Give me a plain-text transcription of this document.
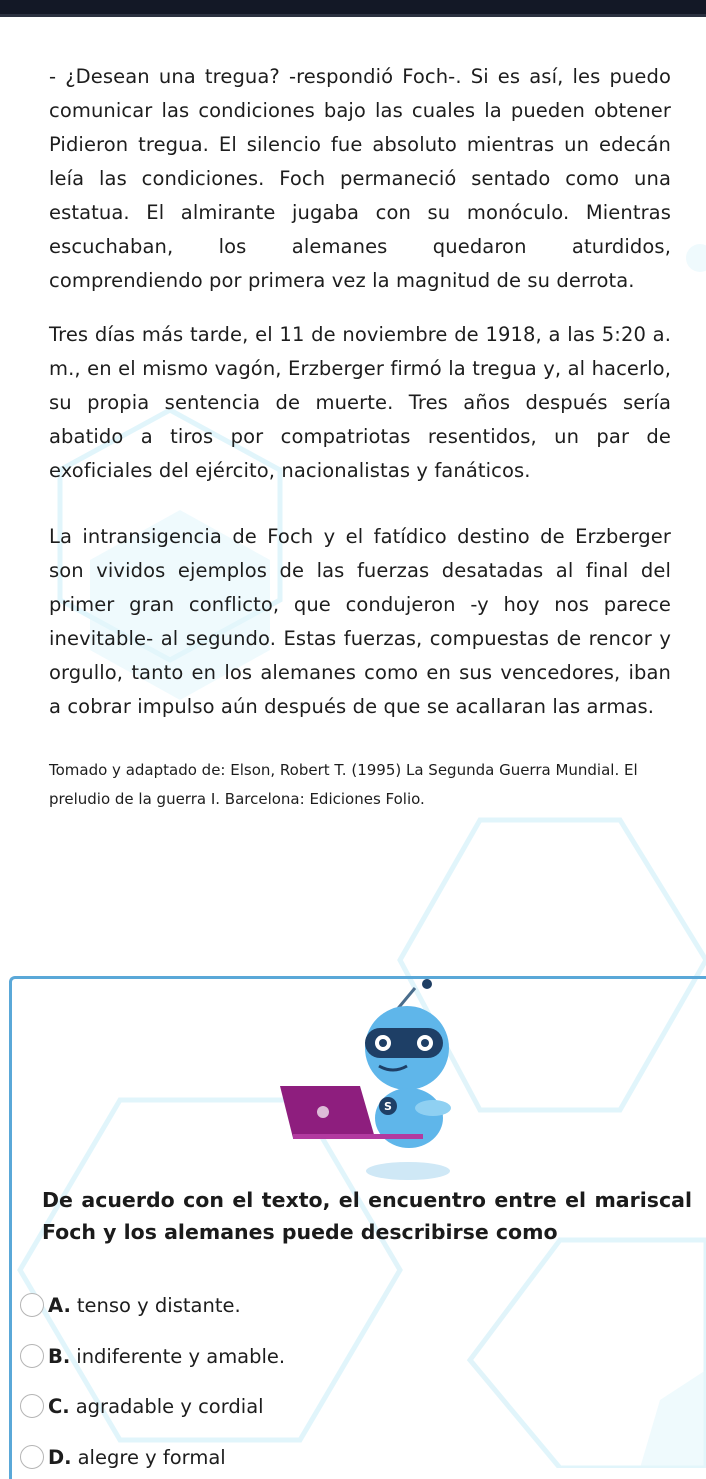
- ¿Desean una tregua? -respondió Foch-. Si es así, les puedo comunicar las condiciones bajo las cuales la pueden obtener Pidieron tregua. El silencio fue absoluto mientras un edecán leía las condiciones. Foch permaneció sentado como una estatua. El almirante jugaba con su monóculo. Mientras escuchaban, los alemanes quedaron aturdidos, comprendiendo por primera vez la magnitud de su derrota.

Tres días más tarde, el 11 de noviembre de 1918, a las 5:20 a. m., en el mismo vagón, Erzberger firmó la tregua y, al hacerlo, su propia sentencia de muerte. Tres años después sería abatido a tiros por compatriotas resentidos, un par de exoficiales del ejército, nacionalistas y fanáticos.

La intransigencia de Foch y el fatídico destino de Erzberger son vividos ejemplos de las fuerzas desatadas al final del primer gran conflicto, que condujeron -y hoy nos parece inevitable- al segundo. Estas fuerzas, compuestas de rencor y orgullo, tanto en los alemanes como en sus vencedores, iban a cobrar impulso aún después de que se acallaran las armas.

Tomado y adaptado de: Elson, Robert T. (1995) La Segunda Guerra Mundial. El preludio de la guerra I. Barcelona: Ediciones Folio.

S
De acuerdo con el texto, el encuentro entre el mariscal Foch y los alemanes puede describirse como
A. tenso y distante.
B. indiferente y amable.
C. agradable y cordial
D. alegre y formal
